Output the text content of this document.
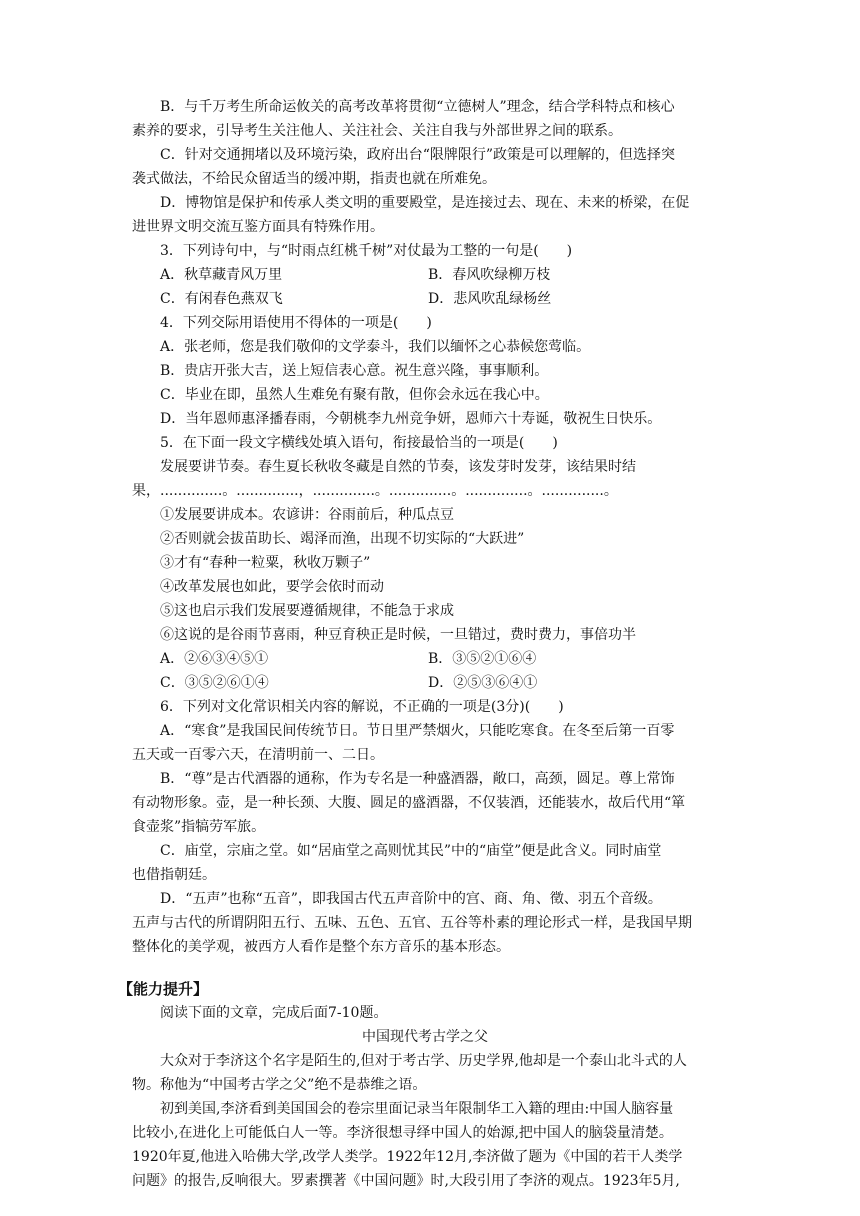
B．与千万考生所命运攸关的高考改革将贯彻“立德树人”理念，结合学科特点和核心
素养的要求，引导考生关注他人、关注社会、关注自我与外部世界之间的联系。
C．针对交通拥堵以及环境污染，政府出台“限牌限行”政策是可以理解的，但选择突
袭式做法，不给民众留适当的缓冲期，指责也就在所难免。
D．博物馆是保护和传承人类文明的重要殿堂，是连接过去、现在、未来的桥梁，在促
进世界文明交流互鉴方面具有特殊作用。
3．下列诗句中，与“时雨点红桃千树”对仗最为工整的一句是(　　)
A．秋草藏青风万里	B．春风吹绿柳万枝
C．有闲春色燕双飞	D．悲风吹乱绿杨丝
4．下列交际用语使用不得体的一项是(　　)
A．张老师，您是我们敬仰的文学泰斗，我们以缅怀之心恭候您莺临。
B．贵店开张大吉，送上短信表心意。祝生意兴隆，事事顺利。
C．毕业在即，虽然人生难免有聚有散，但你会永远在我心中。
D．当年恩师惠泽播春雨，今朝桃李九州竞争妍，恩师六十寿诞，敬祝生日快乐。
5．在下面一段文字横线处填入语句，衔接最恰当的一项是(　　)
发展要讲节奏。春生夏长秋收冬藏是自然的节奏，该发芽时发芽，该结果时结
果，..............。..............，..............。..............。..............。..............。
①发展要讲成本。农谚讲：谷雨前后，种瓜点豆
②否则就会拔苗助长、竭泽而渔，出现不切实际的“大跃进”
③才有“春种一粒粟，秋收万颗子”
④改革发展也如此，要学会依时而动
⑤这也启示我们发展要遵循规律，不能急于求成
⑥这说的是谷雨节喜雨，种豆育秧正是时候，一旦错过，费时费力，事倍功半
A．②⑥③④⑤①	B．③⑤②①⑥④
C．③⑤②⑥①④	D．②⑤③⑥④①
6．下列对文化常识相关内容的解说，不正确的一项是(3分)(　　)
A．“寒食”是我国民间传统节日。节日里严禁烟火，只能吃寒食。在冬至后第一百零
五天或一百零六天，在清明前一、二日。
B．“尊”是古代酒器的通称，作为专名是一种盛酒器，敞口，高颈，圆足。尊上常饰
有动物形象。壶，是一种长颈、大腹、圆足的盛酒器，不仅装酒，还能装水，故后代用“箪
食壶浆”指犒劳军旅。
C．庙堂，宗庙之堂。如“居庙堂之高则忧其民”中的“庙堂”便是此含义。同时庙堂
也借指朝廷。
D．“五声”也称“五音”，即我国古代五声音阶中的宫、商、角、徵、羽五个音级。
五声与古代的所谓阴阳五行、五味、五色、五官、五谷等朴素的理论形式一样，是我国早期
整体化的美学观，被西方人看作是整个东方音乐的基本形态。
【能力提升】
阅读下面的文章，完成后面7-10题。
中国现代考古学之父
大众对于李济这个名字是陌生的,但对于考古学、历史学界,他却是一个泰山北斗式的人
物。称他为“中国考古学之父”绝不是恭维之语。
初到美国,李济看到美国国会的卷宗里面记录当年限制华工入籍的理由:中国人脑容量
比较小,在进化上可能低白人一等。李济很想寻绎中国人的始源,把中国人的脑袋量清楚。
1920年夏,他进入哈佛大学,改学人类学。1922年12月,李济做了题为《中国的若干人类学
问题》的报告,反响很大。罗素撰著《中国问题》时,大段引用了李济的观点。1923年5月,
